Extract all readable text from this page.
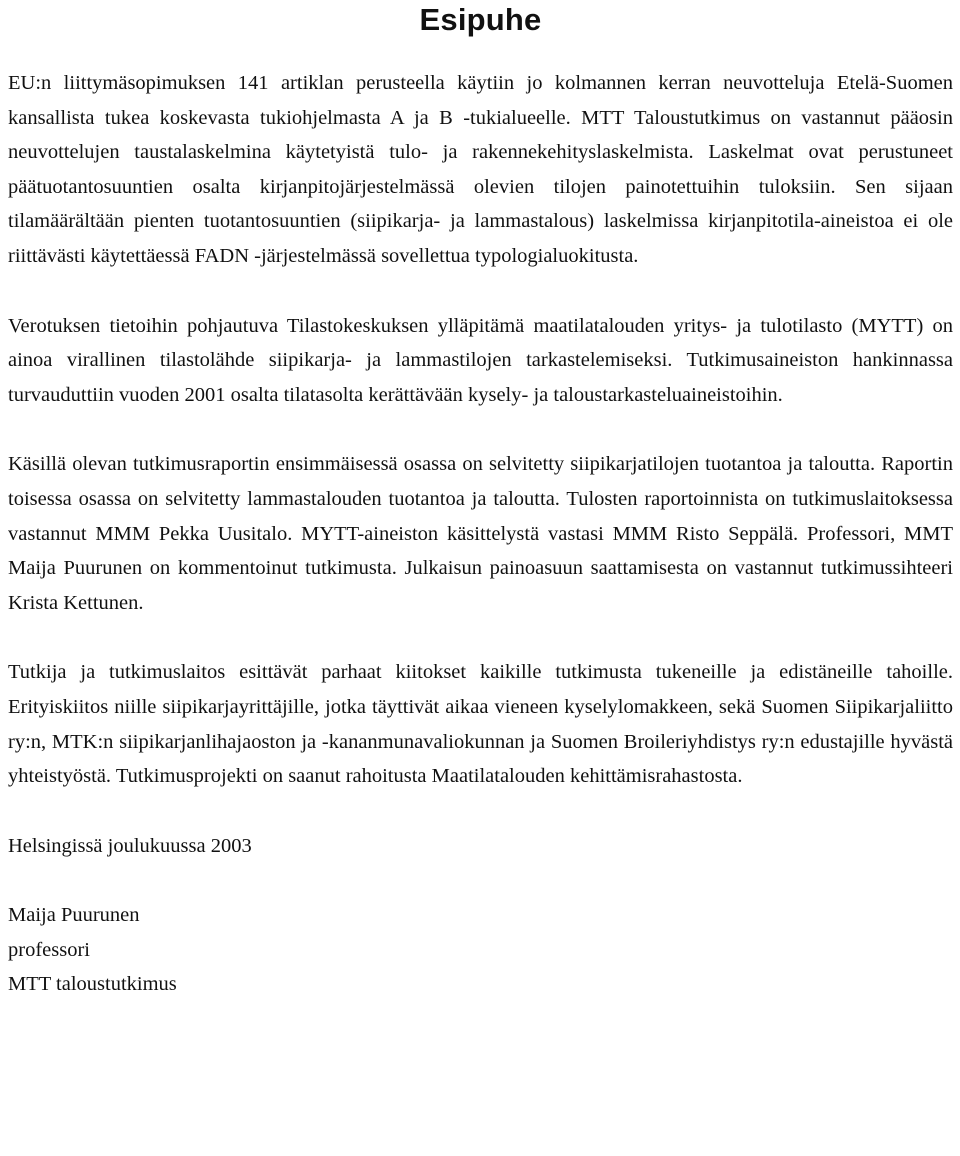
Esipuhe

EU:n liittymäsopimuksen 141 artiklan perusteella käytiin jo kolmannen kerran neuvotteluja Etelä-Suomen kansallista tukea koskevasta tukiohjelmasta A ja B -tukialueelle. MTT Taloustutkimus on vastannut pääosin neuvottelujen taustalaskelmina käytetyistä tulo- ja rakennekehityslaskelmista. Laskelmat ovat perustuneet päätuotantosuuntien osalta kirjanpitojärjestelmässä olevien tilojen painotettuihin tuloksiin. Sen sijaan tilamäärältään pienten tuotantosuuntien (siipikarja- ja lammastalous) laskelmissa kirjanpitotila-aineistoa ei ole riittävästi käytettäessä FADN -järjestelmässä sovellettua typologialuokitusta.

Verotuksen tietoihin pohjautuva Tilastokeskuksen ylläpitämä maatilatalouden yritys- ja tulotilasto (MYTT) on ainoa virallinen tilastolähde siipikarja- ja lammastilojen tarkastelemiseksi. Tutkimusaineiston hankinnassa turvauduttiin vuoden 2001 osalta tilatasolta kerättävään kysely- ja taloustarkasteluaineistoihin.

Käsillä olevan tutkimusraportin ensimmäisessä osassa on selvitetty siipikarjatilojen tuotantoa ja taloutta. Raportin toisessa osassa on selvitetty lammastalouden tuotantoa ja taloutta. Tulosten raportoinnista on tutkimuslaitoksessa vastannut MMM Pekka Uusitalo. MYTT-aineiston käsittelystä vastasi MMM Risto Seppälä. Professori, MMT Maija Puurunen on kommentoinut tutkimusta. Julkaisun painoasuun saattamisesta on vastannut tutkimussihteeri Krista Kettunen.

Tutkija ja tutkimuslaitos esittävät parhaat kiitokset kaikille tutkimusta tukeneille ja edistäneille tahoille. Erityiskiitos niille siipikarjayrittäjille, jotka täyttivät aikaa vieneen kyselylomakkeen, sekä Suomen Siipikarjaliitto ry:n, MTK:n siipikarjanlihajaoston ja -kananmunavaliokunnan ja Suomen Broileriyhdistys ry:n edustajille hyvästä yhteistyöstä. Tutkimusprojekti on saanut rahoitusta Maatilatalouden kehittämisrahastosta.

Helsingissä joulukuussa 2003
Maija Puurunen
professori
MTT taloustutkimus
